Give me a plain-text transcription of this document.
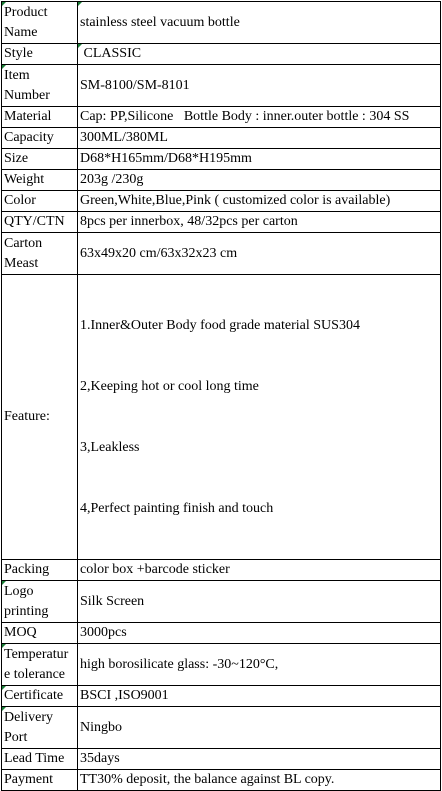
Product
Name	stainless steel vacuum bottle
Style	CLASSIC
Item
Number	SM-8100/SM-8101
Material	Cap: PP,Silicone   Bottle Body : inner.outer bottle : 304 SS
Capacity	300ML/380ML
Size	D68*H165mm/D68*H195mm
Weight	203g /230g
Color	Green,White,Blue,Pink ( customized color is available)
QTY/CTN	8pcs per innerbox, 48/32pcs per carton
Carton
Meast	63x49x20 cm/63x32x23 cm
Feature:	1.Inner&Outer Body food grade material SUS304

2,Keeping hot or cool long time

3,Leakless

4,Perfect painting finish and touch

Packing	color box +barcode sticker
Logo
printing	Silk Screen
MOQ	3000pcs
Temperatur
e tolerance	high borosilicate glass: -30~120°C,
Certificate	BSCI ,ISO9001
Delivery
Port	Ningbo
Lead Time	35days
Payment	TT30% deposit, the balance against BL copy.
